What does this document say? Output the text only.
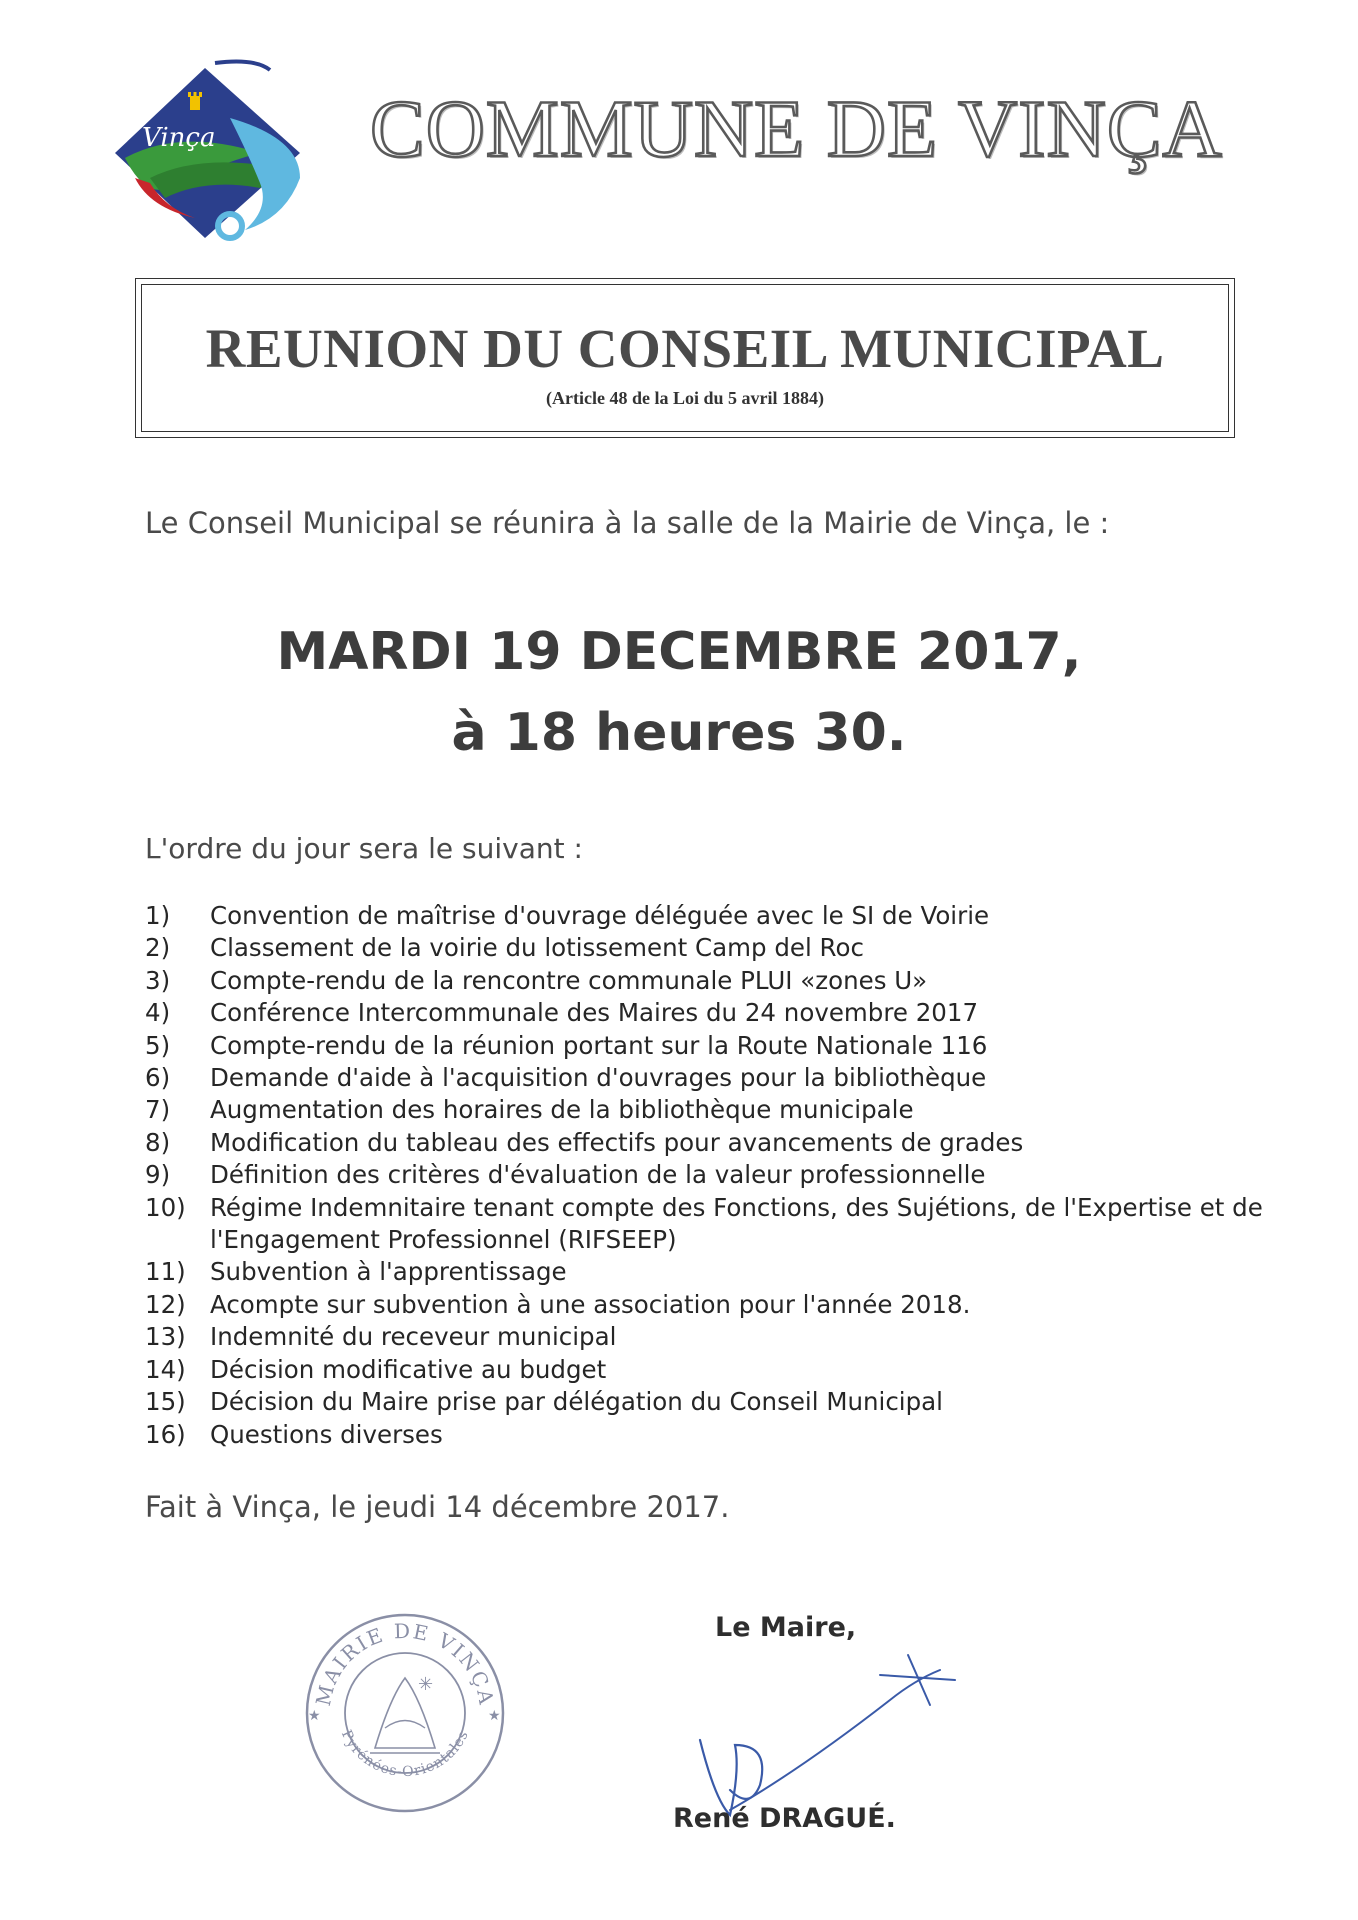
Vinça COMMUNE DE VINÇA
REUNION DU CONSEIL MUNICIPAL
(Article 48 de la Loi du 5 avril 1884)
Le Conseil Municipal se réunira à la salle de la Mairie de Vinça, le :
MARDI 19 DECEMBRE 2017,
à 18 heures 30.
L'ordre du jour sera le suivant :
1)	Convention de maîtrise d'ouvrage déléguée avec le SI de Voirie
2)	Classement de la voirie du lotissement Camp del Roc
3)	Compte-rendu de la rencontre communale PLUI «zones U»
4)	Conférence Intercommunale des Maires du 24 novembre 2017
5)	Compte-rendu de la réunion portant sur la Route Nationale 116
6)	Demande d'aide à l'acquisition d'ouvrages pour la bibliothèque
7)	Augmentation des horaires de la bibliothèque municipale
8)	Modification du tableau des effectifs pour avancements de grades
9)	Définition des critères d'évaluation de la valeur professionnelle
10) Régime Indemnitaire tenant compte des Fonctions, des Sujétions, de l'Expertise et de l'Engagement Professionnel (RIFSEEP)
11) Subvention à l'apprentissage
12) Acompte sur subvention à une association pour l'année 2018.
13) Indemnité du receveur municipal
14) Décision modificative au budget
15) Décision du Maire prise par délégation du Conseil Municipal
16) Questions diverses
Fait à Vinça, le jeudi 14 décembre 2017.
Le Maire,
MAIRIE DE VINÇA
Pyrénées-Orientales
★	★
✳
René DRAGUÉ.
